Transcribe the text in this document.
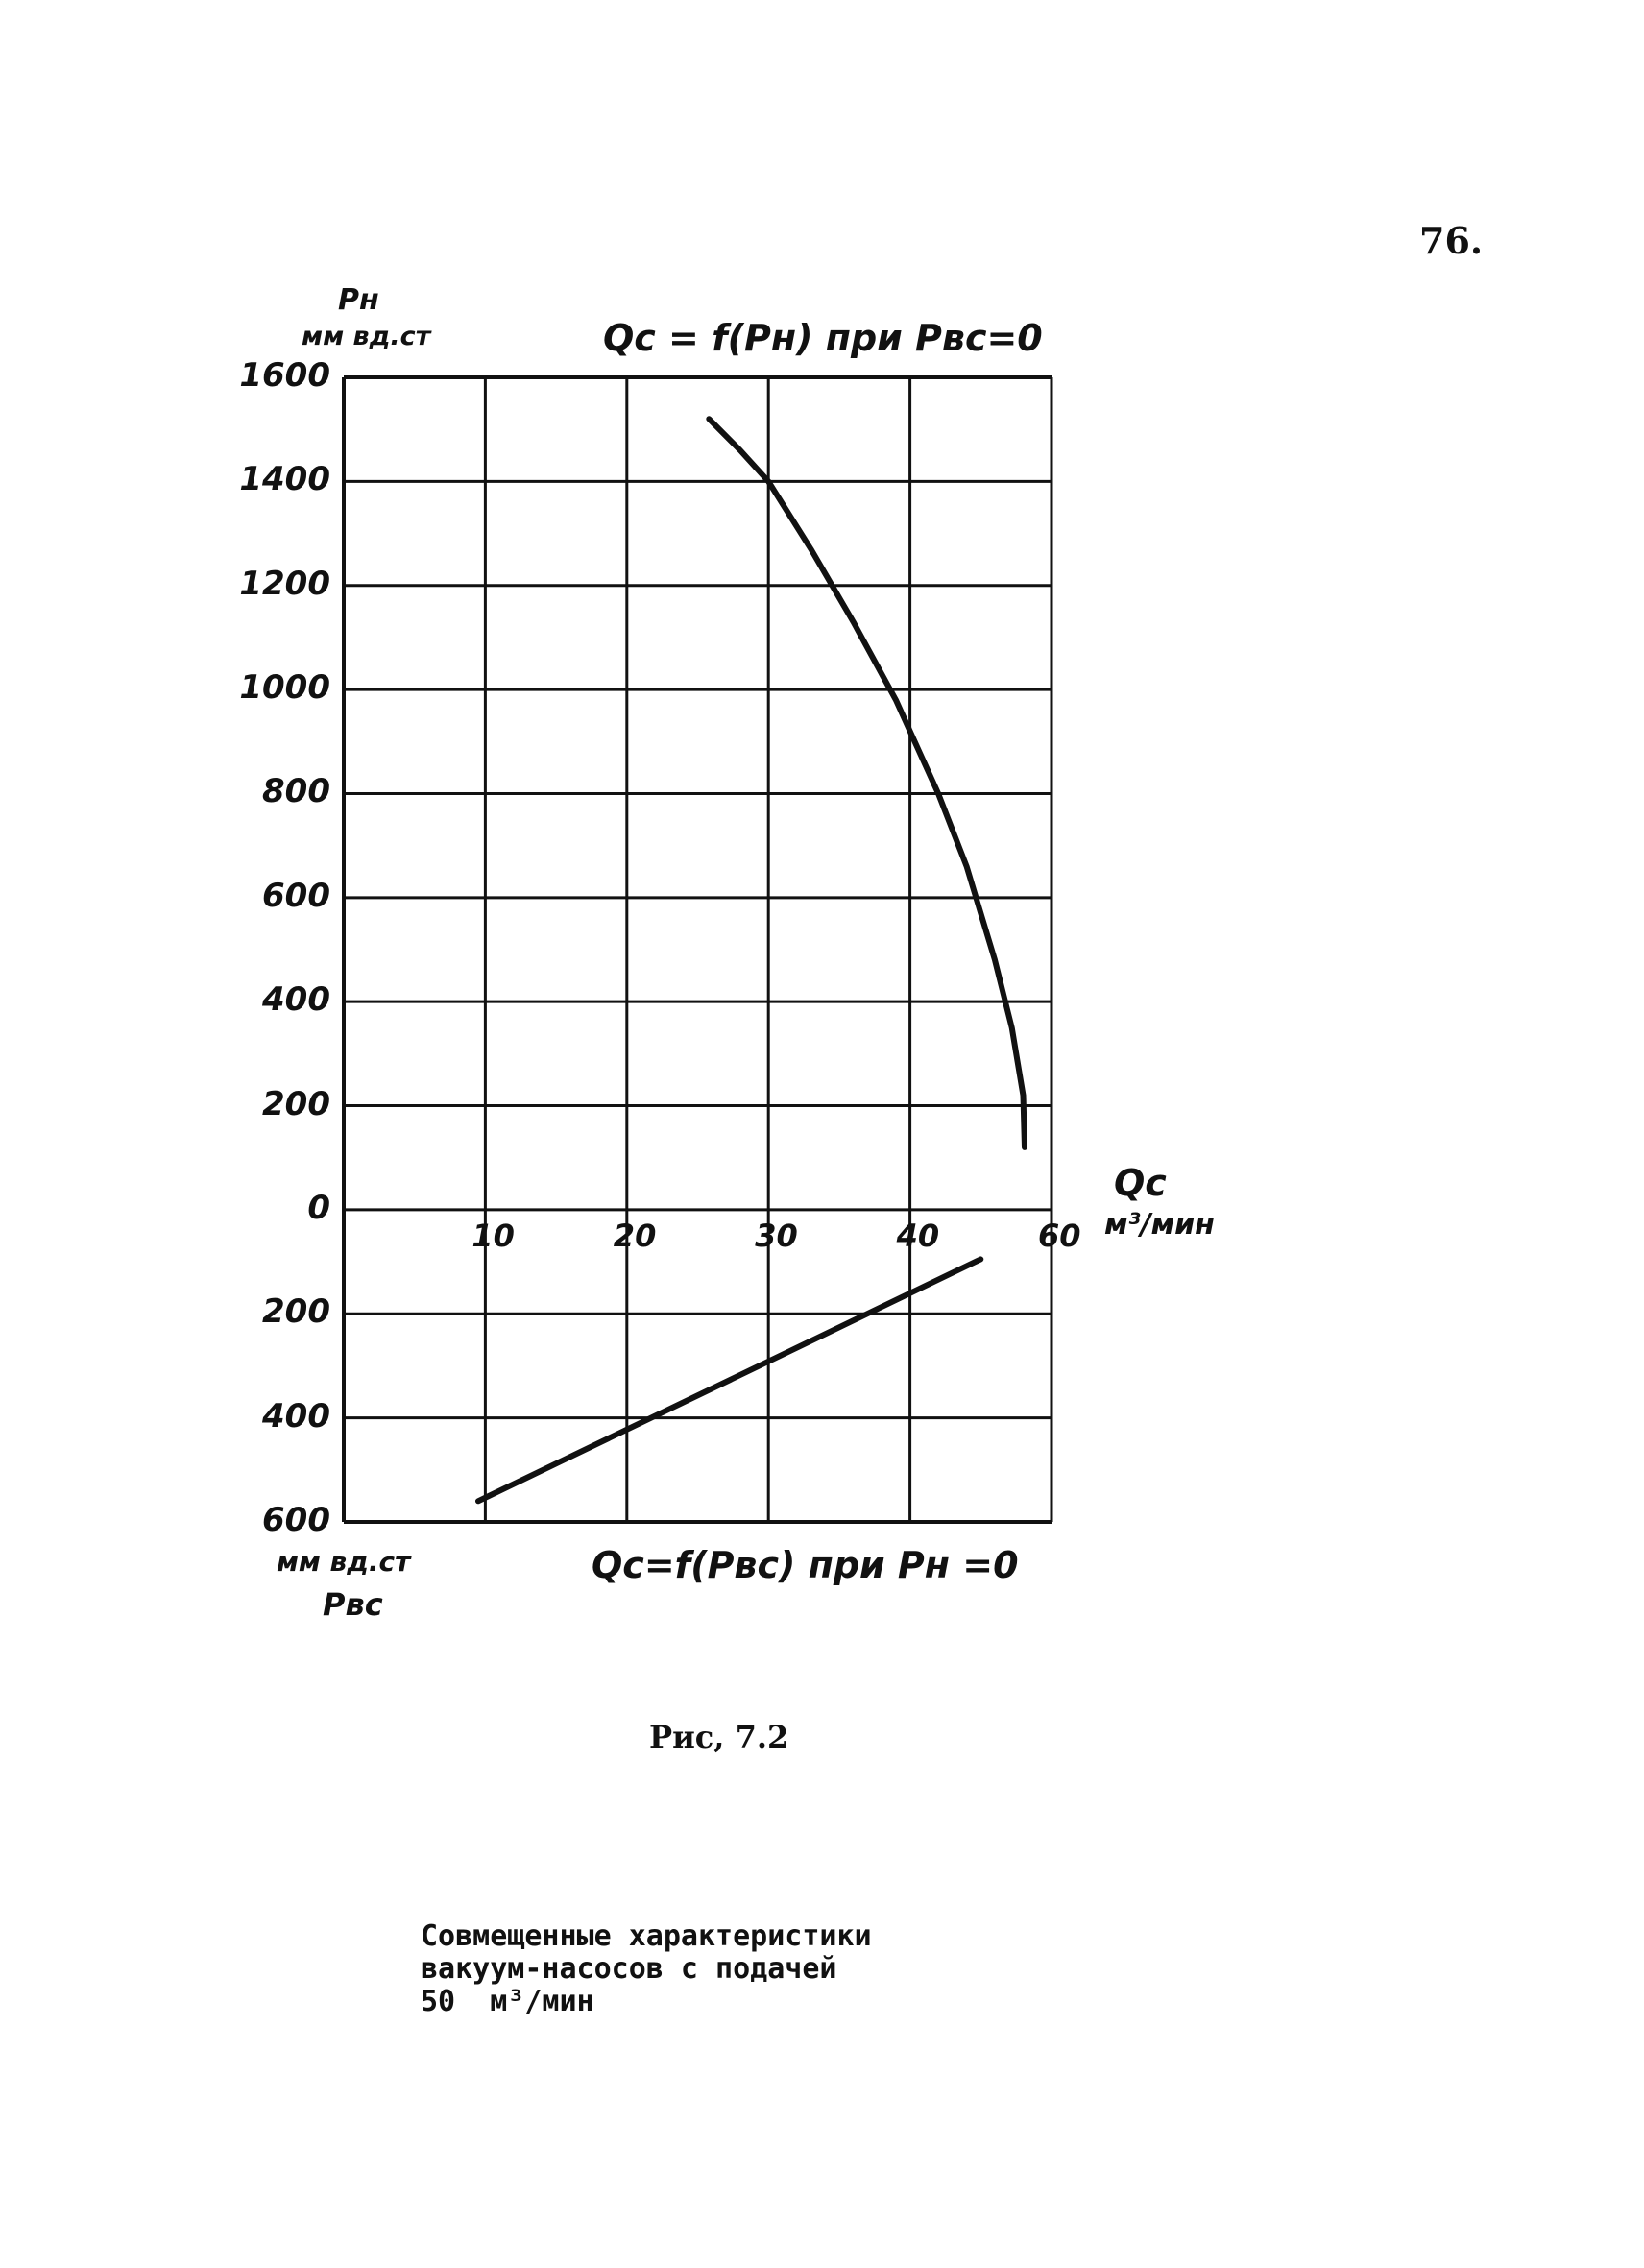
76.
1600
1400
1200
1000
800
600
400
200
0
200
400
600
10	20	30	40	60
Pн
мм вд.ст	Qс = f(Pн) при Pвс=0
Qс
м³/мин
мм вд.ст
Рвс
Qс=f(Pвс) при Pн =0
Рис, 7.2
Совмещенные характеристики
вакуум-насосов с подачей
50  м³/мин
